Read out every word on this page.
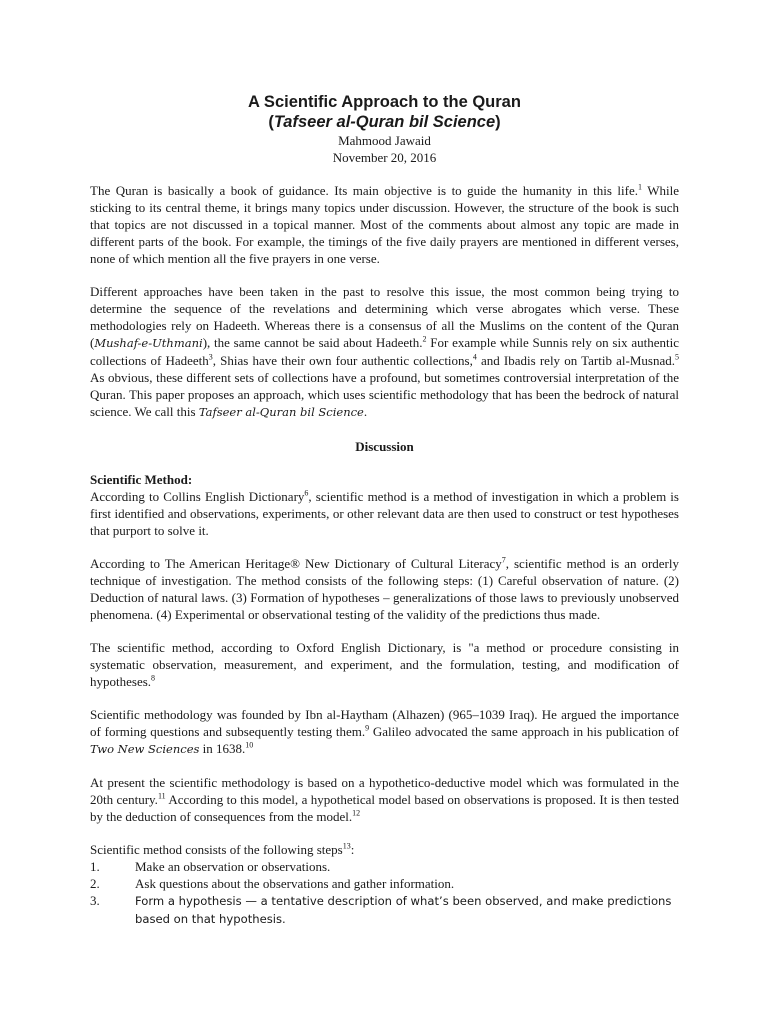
A Scientific Approach to the Quran
(Tafseer al-Quran bil Science)
Mahmood Jawaid
November 20, 2016

The Quran is basically a book of guidance. Its main objective is to guide the humanity in this life.$^1$ While sticking to its central theme, it brings many topics under discussion. However, the structure of the book is such that topics are not discussed in a topical manner. Most of the comments about almost any topic are made in different parts of the book. For example, the timings of the five daily prayers are mentioned in different verses, none of which mention all the five prayers in one verse.

Different approaches have been taken in the past to resolve this issue, the most common being trying to determine the sequence of the revelations and determining which verse abrogates which verse. These methodologies rely on Hadeeth. Whereas there is a consensus of all the Muslims on the content of the Quran (Mushaf-e-Uthmani), the same cannot be said about Hadeeth.$^2$ For example while Sunnis rely on six authentic collections of Hadeeth$^3$, Shias have their own four authentic collections,$^4$ and Ibadis rely on Tartib al-Musnad.$^5$ As obvious, these different sets of collections have a profound, but sometimes controversial interpretation of the Quran. This paper proposes an approach, which uses scientific methodology that has been the bedrock of natural science. We call this Tafseer al-Quran bil Science.

Discussion
Scientific Method:

According to Collins English Dictionary$^6$, scientific method is a method of investigation in which a problem is first identified and observations, experiments, or other relevant data are then used to construct or test hypotheses that purport to solve it.

According to The American Heritage® New Dictionary of Cultural Literacy$^7$, scientific method is an orderly technique of investigation. The method consists of the following steps: (1) Careful observation of nature. (2) Deduction of natural laws. (3) Formation of hypotheses – generalizations of those laws to previously unobserved phenomena. (4) Experimental or observational testing of the validity of the predictions thus made.

The scientific method, according to Oxford English Dictionary, is "a method or procedure consisting in systematic observation, measurement, and experiment, and the formulation, testing, and modification of hypotheses.$^8$

Scientific methodology was founded by Ibn al-Haytham (Alhazen) (965–1039 Iraq). He argued the importance of forming questions and subsequently testing them.$^9$ Galileo advocated the same approach in his publication of Two New Sciences in 1638.10

At present the scientific methodology is based on a hypothetico-deductive model which was formulated in the 20th century.$^{11}$ According to this model, a hypothetical model based on observations is proposed. It is then tested by the deduction of consequences from the model.$^{12}$

Scientific method consists of the following steps$^{13}$:

1.	Make an observation or observations.
2.	Ask questions about the observations and gather information.
3.	Form a hypothesis — a tentative description of what’s been observed, and make predictions based on that hypothesis.
